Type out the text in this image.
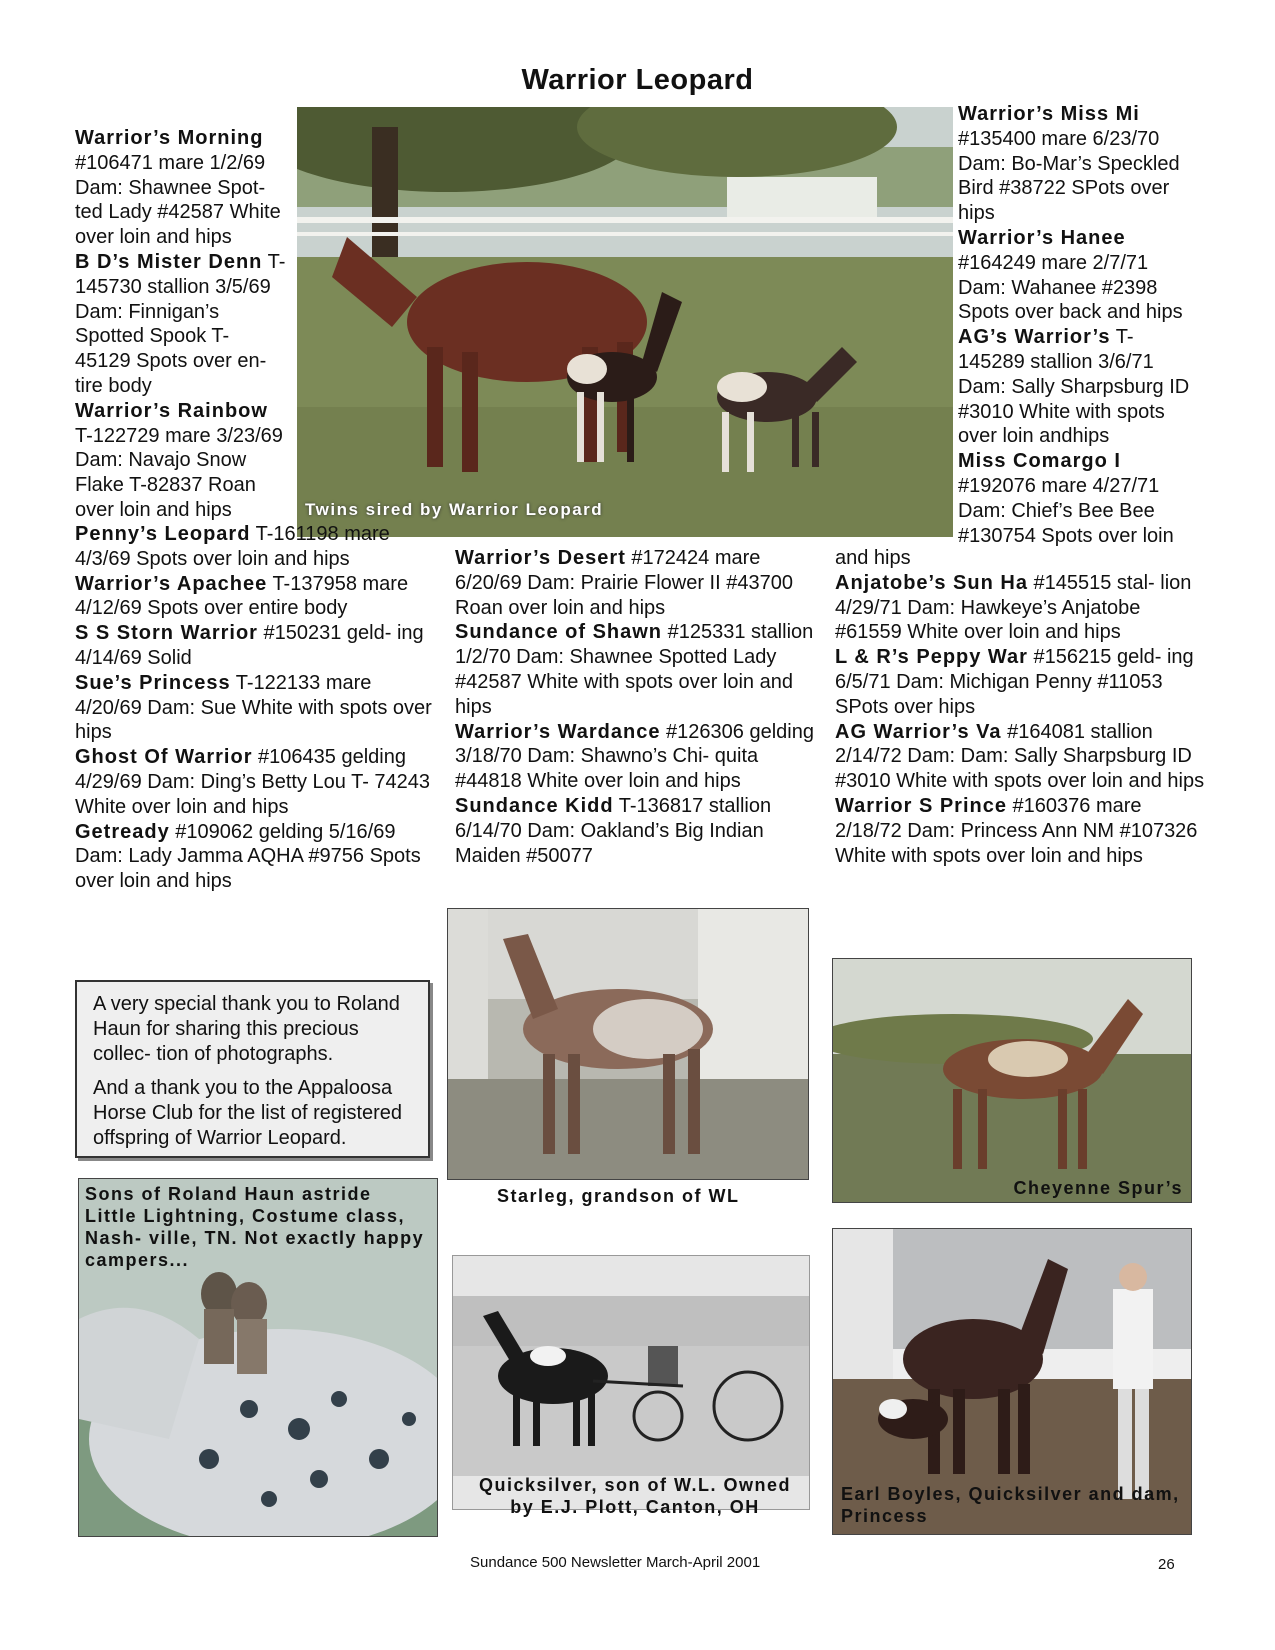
Warrior Leopard
Warrior’s Morning #106471 mare 1/2/69 Dam: Shawnee Spot- ted Lady #42587 White over loin and hips
B D’s Mister Denn T-145730 stallion 3/5/69 Dam: Finnigan’s Spotted Spook T- 45129 Spots over en- tire body
Warrior’s Rainbow T-122729 mare 3/23/69 Dam: Navajo Snow Flake T-82837 Roan over loin and hips	Twins sired by Warrior Leopard
Warrior’s Miss Mi #135400 mare 6/23/70 Dam: Bo-Mar’s Speckled Bird #38722 SPots over hips
Warrior’s Hanee #164249 mare 2/7/71 Dam: Wahanee #2398 Spots over back and hips
AG’s Warrior’s T-145289 stallion 3/6/71 Dam: Sally Sharpsburg ID #3010 White with spots over loin andhips
Miss Comargo I #192076 mare 4/27/71 Dam: Chief’s Bee Bee #130754 Spots over loin
Penny’s Leopard T-161198 mare 4/3/69 Spots over loin and hips
Warrior’s Apachee T-137958 mare 4/12/69 Spots over entire body
S S Storn Warrior #150231 geld- ing 4/14/69 Solid
Sue’s Princess T-122133 mare 4/20/69 Dam: Sue White with spots over hips
Ghost Of Warrior #106435 gelding 4/29/69 Dam: Ding’s Betty Lou T- 74243 White over loin and hips
Getready #109062 gelding 5/16/69 Dam: Lady Jamma AQHA #9756 Spots over loin and hips
Warrior’s Desert #172424 mare 6/20/69 Dam: Prairie Flower II #43700 Roan over loin and hips
Sundance of Shawn #125331 stallion 1/2/70 Dam: Shawnee Spotted Lady #42587 White with spots over loin and hips
Warrior’s Wardance #126306 gelding 3/18/70 Dam: Shawno’s Chi- quita #44818 White over loin and hips
Sundance Kidd T-136817 stallion 6/14/70 Dam: Oakland’s Big Indian Maiden #50077
and hips
Anjatobe’s Sun Ha #145515 stal- lion 4/29/71 Dam: Hawkeye’s Anjatobe #61559 White over loin and hips
L & R’s Peppy War #156215 geld- ing 6/5/71 Dam: Michigan Penny #11053 SPots over hips
AG Warrior’s Va #164081 stallion 2/14/72 Dam: Dam: Sally Sharpsburg ID #3010 White with spots over loin and hips
Warrior S Prince #160376 mare 2/18/72 Dam: Princess Ann NM #107326 White with spots over loin and hips

A very special thank you to Roland Haun for sharing this precious collec- tion of photographs.

And a thank you to the Appaloosa Horse Club for the list of registered offspring of Warrior Leopard.

Starleg, grandson of WL	Cheyenne Spur’s
Sons of Roland Haun astride Little Lightning, Costume class, Nash- ville, TN. Not exactly happy campers...
Quicksilver, son of W.L. Owned by E.J. Plott, Canton, OH
Earl Boyles, Quicksilver and dam, Princess
Sundance 500 Newsletter March-April 2001	26
